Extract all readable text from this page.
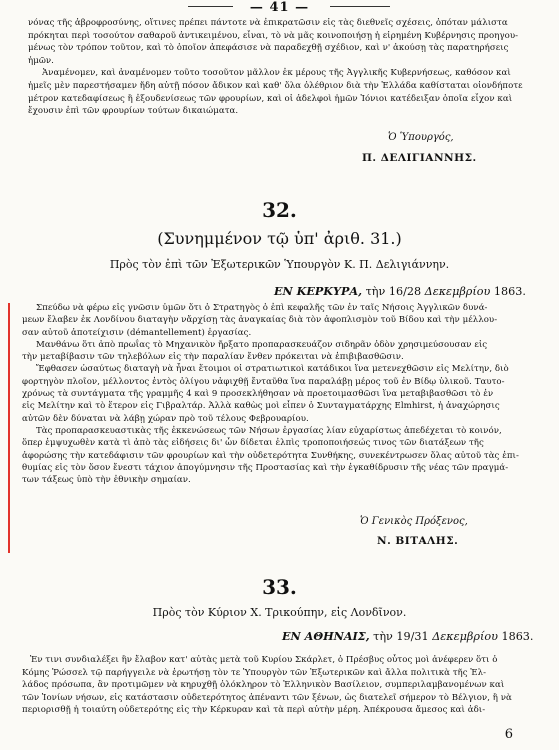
— 41 —
νόνας τῆς ἀβροφροσύνης, οἵτινες πρέπει πάντοτε νὰ ἐπικρατῶσιν εἰς τὰς διεθνεῖς σχέσεις, ὁπόταν μάλιστα
πρόκηται περὶ τοσούτον σαθαροῦ ἀντικειμένου, εἶναι, τὸ νὰ μᾶς κοινοποιήσῃ ἡ εἰρημένη Κυβέρνησις προηγου-
μένως τὸν τρόπον τοῦτον, καὶ τὸ ὁποῖον ἀπεφάσισε νὰ παραδεχθῇ σχέδιον, καὶ ν' ἀκούσῃ τὰς παρατηρήσεις
ἡμῶν.
Ἀναμένομεν, καὶ ἀναμένομεν τοῦτο τοσοῦτον μᾶλλον ἐκ μέρους τῆς Ἀγγλικῆς Κυβερνήσεως, καθόσον καὶ
ἡμεῖς μὲν παρεστήσαμεν ἤδη αὐτῇ πόσον ἄδικον καὶ καθ' ὅλα ὀλέθριον διὰ τὴν Ἑλλάδα καθίσταται οἱονδήποτε
μέτρον κατεδαφίσεως ἢ ἐξουδενίσεως τῶν φρουρίων, καὶ οἱ ἀδελφοὶ ἡμῶν Ἰόνιοι κατέδειξαν ὁποῖα εἶχον καὶ
ἔχουσιν ἐπὶ τῶν φρουρίων τούτων δικαιώματα.
Ὁ Ὑπουργός,
Π. ΔΕΛΙΓΙΑΝΝΗΣ.
32.
(Συνημμένον τῷ ὑπ' ἀριθ. 31.)
Πρὸς τὸν ἐπὶ τῶν Ἐξωτερικῶν Ὑπουργὸν Κ. Π. Δελιγιάννην.
ΕΝ ΚΕΡΚΥΡΑ, τὴν 16/28 Δεκεμβρίου 1863.
Σπεύδω νὰ φέρω εἰς γνῶσιν ὑμῶν ὅτι ὁ Στρατηγὸς ὁ ἐπὶ κεφαλῆς τῶν ἐν ταῖς Νήσοις Ἀγγλικῶν δυνά-
μεων ἔλαβεν ἐκ Λονδίνου διαταγὴν νἄρχίσῃ τὰς ἀναγκαίας διὰ τὸν ἀφοπλισμὸν τοῦ Βίδου καὶ τὴν μέλλου-
σαν αὐτοῦ ἀποτείχισιν (démantellement) ἐργασίας.
Μανθάνω ὅτι ἀπὸ πρωΐας τὸ Μηχανικὸν ἤρξατο προπαρασκευάζον σιδηρᾶν ὁδὸν χρησιμεύσουσαν εἰς
τὴν μεταβίβασιν τῶν τηλεβόλων εἰς τὴν παραλίαν ἔνθεν πρόκειται νὰ ἐπιβιβασθῶσιν.
Ἔφθασεν ὡσαύτως διαταγὴ νὰ ἦναι ἕτοιμοι οἱ στρατιωτικοὶ κατάδικοι ἵνα μετενεχθῶσιν εἰς Μελίτην, διὸ
φορτηγὸν πλοῖον, μέλλοντος ἐντὸς ὀλίγου νἀφιχθῇ ἔνταῦθα ἵνα παραλάβῃ μέρος τοῦ ἐν Βίδῳ ὑλικοῦ. Ταυτο-
χρόνως τὰ συντάγματα τῆς γραμμῆς 4 καὶ 9 προσεκλήθησαν νὰ προετοιμασθῶσι ἵνα μεταβιβασθῶσι τὸ ἐν
εἰς Μελίτην καὶ τὸ ἕτερον εἰς Γιβραλτάρ. Ἀλλὰ καθὼς μοὶ εἶπεν ὁ Συνταγματάρχης Elmhirst, ἡ ἀναχώρησις
αὐτῶν δὲν δύναται νὰ λάβῃ χώραν πρὸ τοῦ τέλους Φεβρουαρίου.
Τὰς προπαρασκευαστικὰς τῆς ἐκκενώσεως τῶν Νήσων ἐργασίας λίαν εὐχαρίστως ἀπεδέχεται τὸ κοινόν,
ὅπερ ἐμψυχωθὲν κατὰ τὶ ἀπὸ τὰς εἰδήσεις δι' ὧν δίδεται ἐλπὶς τροποποιήσεώς τινος τῶν διατάξεων τῆς
ἀφορώσης τὴν κατεδάφισιν τῶν φρουρίων καὶ τὴν οὐδετερότητα Συνθήκης, συνεκέντρωσεν ὅλας αὐτοῦ τὰς ἐπι-
θυμίας εἰς τὸν ὅσον ἔνεστι τάχιον ἀπογύμνησιν τῆς Προστασίας καὶ τὴν ἐγκαθίδρυσιν τῆς νέας τῶν πραγμά-
των τάξεως ὑπὸ τὴν ἐθνικὴν σημαίαν.
Ὁ Γενικὸς Πρόξενος,
Ν. ΒΙΤΑΛΗΣ.
33.
Πρὸς τὸν Κύριον Χ. Τρικούπην, εἰς Λονδῖνον.
ΕΝ ΑΘΗΝΑΙΣ, τὴν 19/31 Δεκεμβρίου 1863.
Ἐν τινι συνδιαλέξει ἣν ἔλαβον κατ' αὐτὰς μετὰ τοῦ Κυρίου Σκάρλετ, ὁ Πρέσβυς οὗτος μοὶ ἀνέφερεν ὅτι ὁ
Κόμης Ῥώσσελ τῷ παρήγγειλε νὰ ἐρωτήσῃ τὸν τε Ὑπουργὸν τῶν Ἐξωτερικῶν καὶ ἄλλα πολιτικὰ τῆς Ἑλ-
λάδος πρόσωπα, ἂν προτιμῶμεν νὰ κηρυχθῇ ὁλόκληρον τὸ Ἑλληνικὸν Βασίλειον, συμπεριλαμβανομένων καὶ
τῶν Ἰονίων νήσων, εἰς κατάστασιν οὐδετερότητος ἀπέναντι τῶν ξένων, ὡς διατελεῖ σήμερον τὸ Βέλγιον, ἢ νὰ
περιορισθῇ ἡ τοιαύτη οὐδετερότης εἰς τὴν Κέρκυραν καὶ τὰ περὶ αὐτὴν μέρη. Ἀπέκρουσα ἄμεσος καὶ ἀδι-
6
